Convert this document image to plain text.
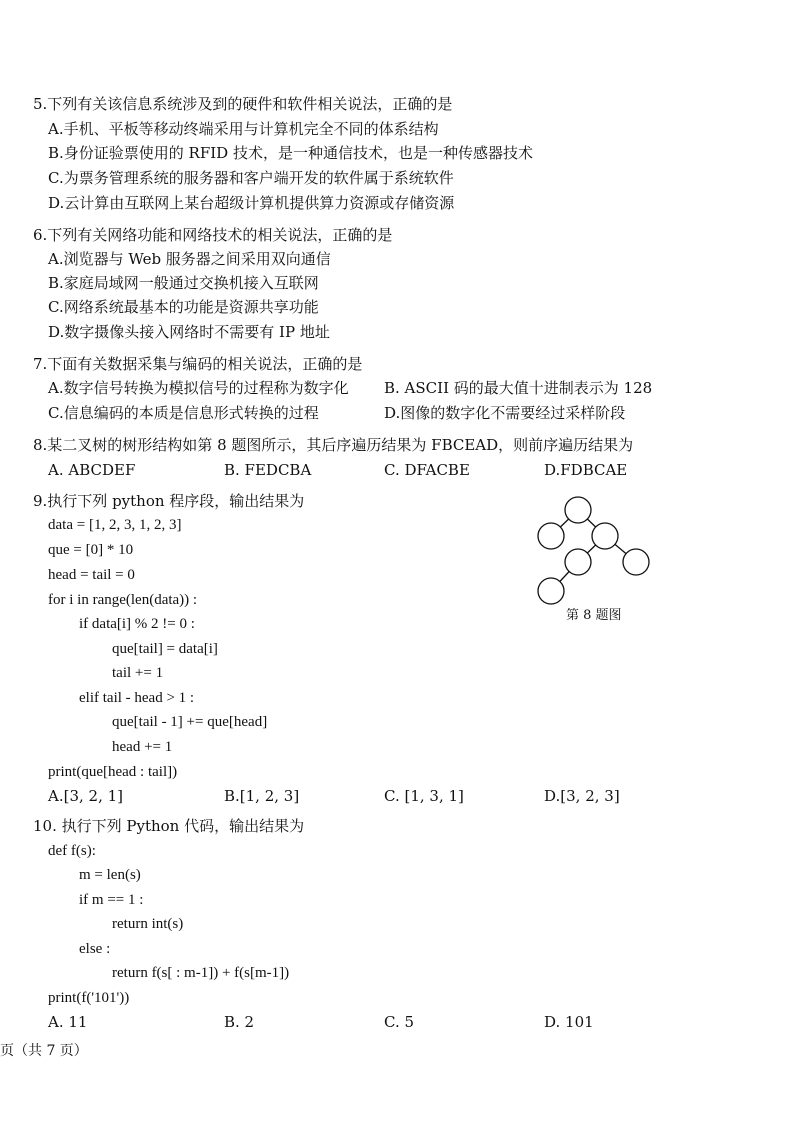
5.下列有关该信息系统涉及到的硬件和软件相关说法，正确的是
A.手机、平板等移动终端采用与计算机完全不同的体系结构
B.身份证验票使用的 RFID 技术，是一种通信技术，也是一种传感器技术
C.为票务管理系统的服务器和客户端开发的软件属于系统软件
D.云计算由互联网上某台超级计算机提供算力资源或存储资源
6.下列有关网络功能和网络技术的相关说法，正确的是
A.浏览器与 Web 服务器之间采用双向通信
B.家庭局域网一般通过交换机接入互联网
C.网络系统最基本的功能是资源共享功能
D.数字摄像头接入网络时不需要有 IP 地址
7.下面有关数据采集与编码的相关说法，正确的是
A.数字信号转换为模拟信号的过程称为数字化 B. ASCII 码的最大值十进制表示为 128
C.信息编码的本质是信息形式转换的过程	D.图像的数字化不需要经过采样阶段
8.某二叉树的树形结构如第 8 题图所示，其后序遍历结果为 FBCEAD，则前序遍历结果为
A. ABCDEF	B. FEDCBA	C. DFACBE	D.FDBCAE
第 8 题图
9.执行下列 python 程序段，输出结果为
data = [1, 2, 3, 1, 2, 3]
que = [0] * 10
head = tail = 0
for i in range(len(data)) :
if data[i] % 2 != 0 :
que[tail] = data[i]
tail += 1
elif tail - head > 1 :
que[tail - 1] += que[head]
head += 1
print(que[head : tail])
A.[3, 2, 1]	B.[1, 2, 3]	C. [1, 3, 1]	D.[3, 2, 3]
10. 执行下列 Python 代码，输出结果为
def f(s):
m = len(s)
if m == 1 :
return int(s)
else :
return f(s[ : m-1]) + f(s[m-1])
print(f('101'))
A. 11	B. 2	C. 5	D. 101
页（共 7 页）
